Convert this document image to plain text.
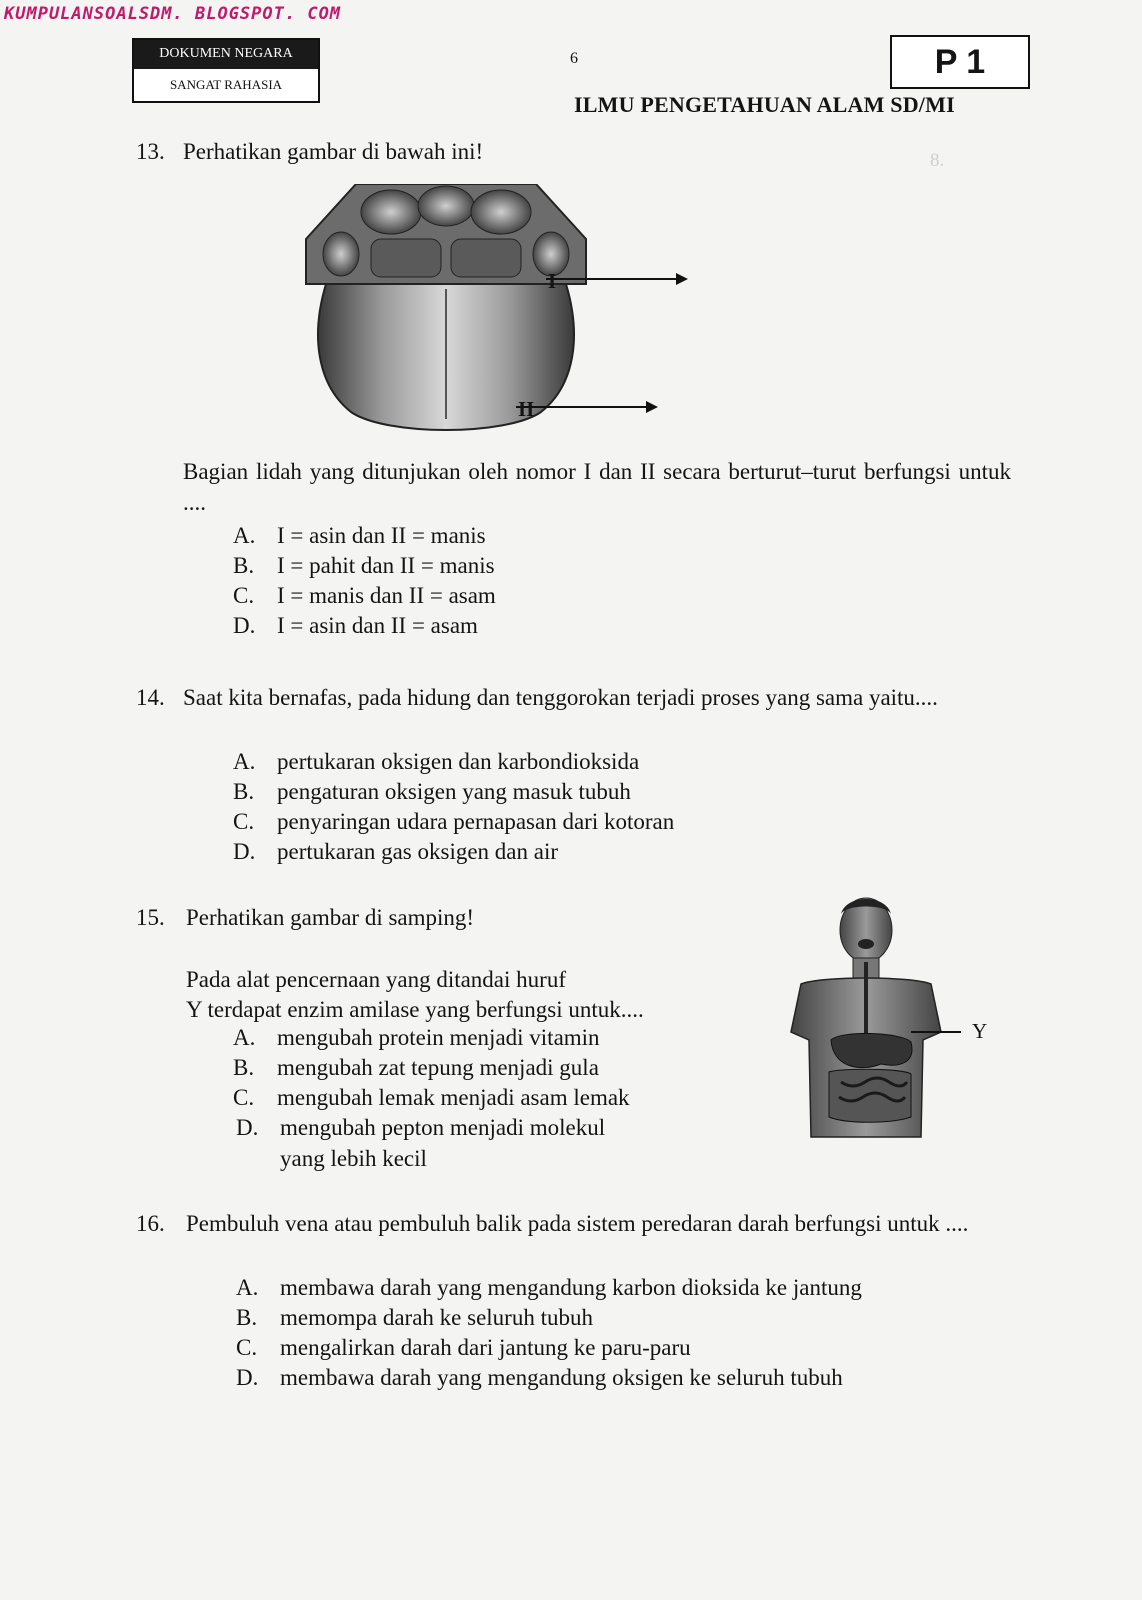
KUMPULANSOALSDM. BLOGSPOT. COM
DOKUMEN NEGARA
SANGAT RAHASIA
6	P 1
ILMU PENGETAHUAN ALAM SD/MI
8.
13. Perhatikan gambar di bawah ini!
I
II
Bagian lidah yang ditunjukan oleh nomor I dan II secara berturut–turut berfungsi untuk ....
A. I = asin dan II = manis
B. I = pahit dan II = manis
C. I = manis dan II = asam
D. I = asin dan II = asam
14. Saat kita bernafas, pada hidung dan tenggorokan terjadi proses yang sama yaitu....
A. pertukaran oksigen dan karbondioksida
B. pengaturan oksigen yang masuk tubuh
C. penyaringan udara pernapasan dari kotoran
D. pertukaran gas oksigen dan air
15. Perhatikan gambar di samping!
Pada alat pencernaan yang ditandai huruf
Y terdapat enzim amilase yang berfungsi untuk....
A. mengubah protein menjadi vitamin
B. mengubah zat tepung menjadi gula
C. mengubah lemak menjadi asam lemak
D. mengubah pepton menjadi molekul
yang lebih kecil
Y
16. Pembuluh vena atau pembuluh balik pada sistem peredaran darah berfungsi untuk ....
A. membawa darah yang mengandung karbon dioksida ke jantung
B. memompa darah ke seluruh tubuh
C. mengalirkan darah dari jantung ke paru-paru
D. membawa darah yang mengandung oksigen ke seluruh tubuh
